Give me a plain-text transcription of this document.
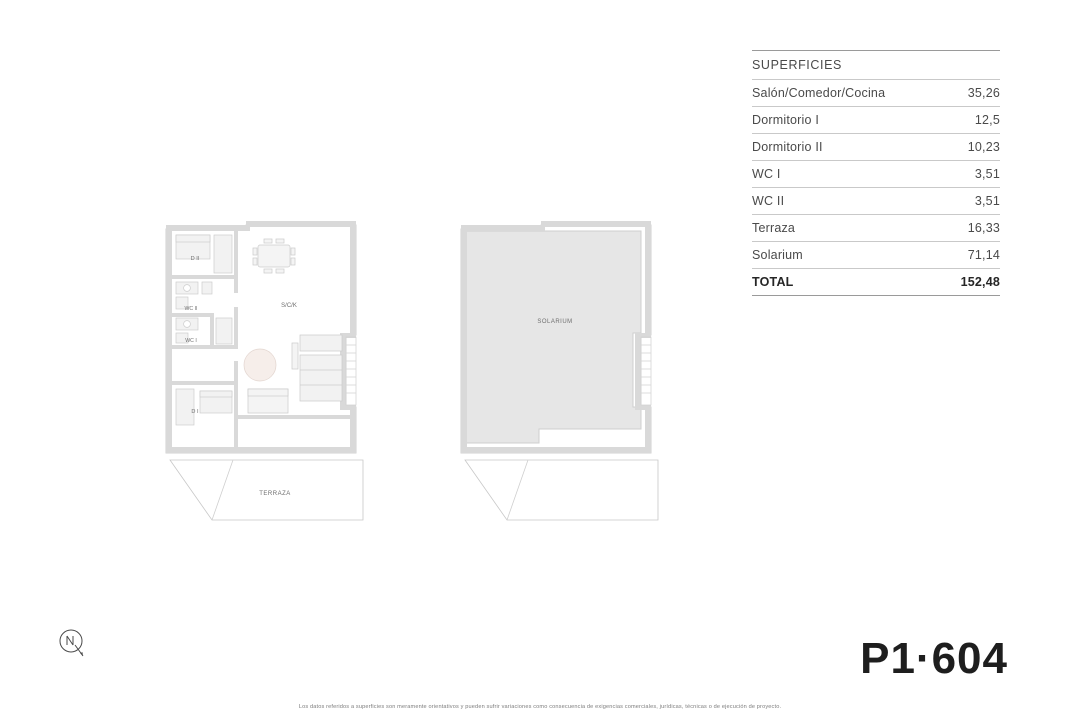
SUPERFICIES
Salón/Comedor/Cocina	35,26
Dormitorio I	12,5
Dormitorio II	10,23
WC I	3,51
WC II	3,51
Terraza	16,33
Solarium	71,14
TOTAL	152,48
D II
WC II
WC I
D I
S/C/K
TERRAZA
SOLARIUM
P1·604
Los datos referidos a superficies son meramente orientativos y pueden sufrir variaciones como consecuencia de exigencias comerciales, jurídicas, técnicas o de ejecución de proyecto.
